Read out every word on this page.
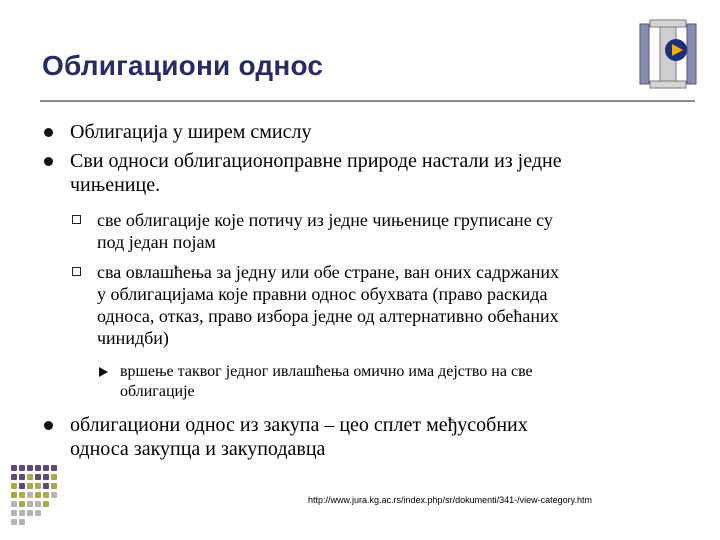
Облигациони однос
Облигација у ширем смислу
Сви односи облигационоправне природе настали из једне
чињенице.
све облигације које потичу из једне чињенице груписане су
под један појам
сва овлашћења за једну или обе стране, ван оних садржаних
у облигацијама које правни однос обухвата (право раскида
односа, отказ, право избора једне од алтернативно обећаних
чинидби)
вршење таквог једног ивлашћења омично има дејство на све
облигације
облигациони однос из закупа – цео сплет међусобних
односа закупца и закуподавца
http://www.jura.kg.ac.rs/index.php/sr/dokumenti/341-/view-category.htm
